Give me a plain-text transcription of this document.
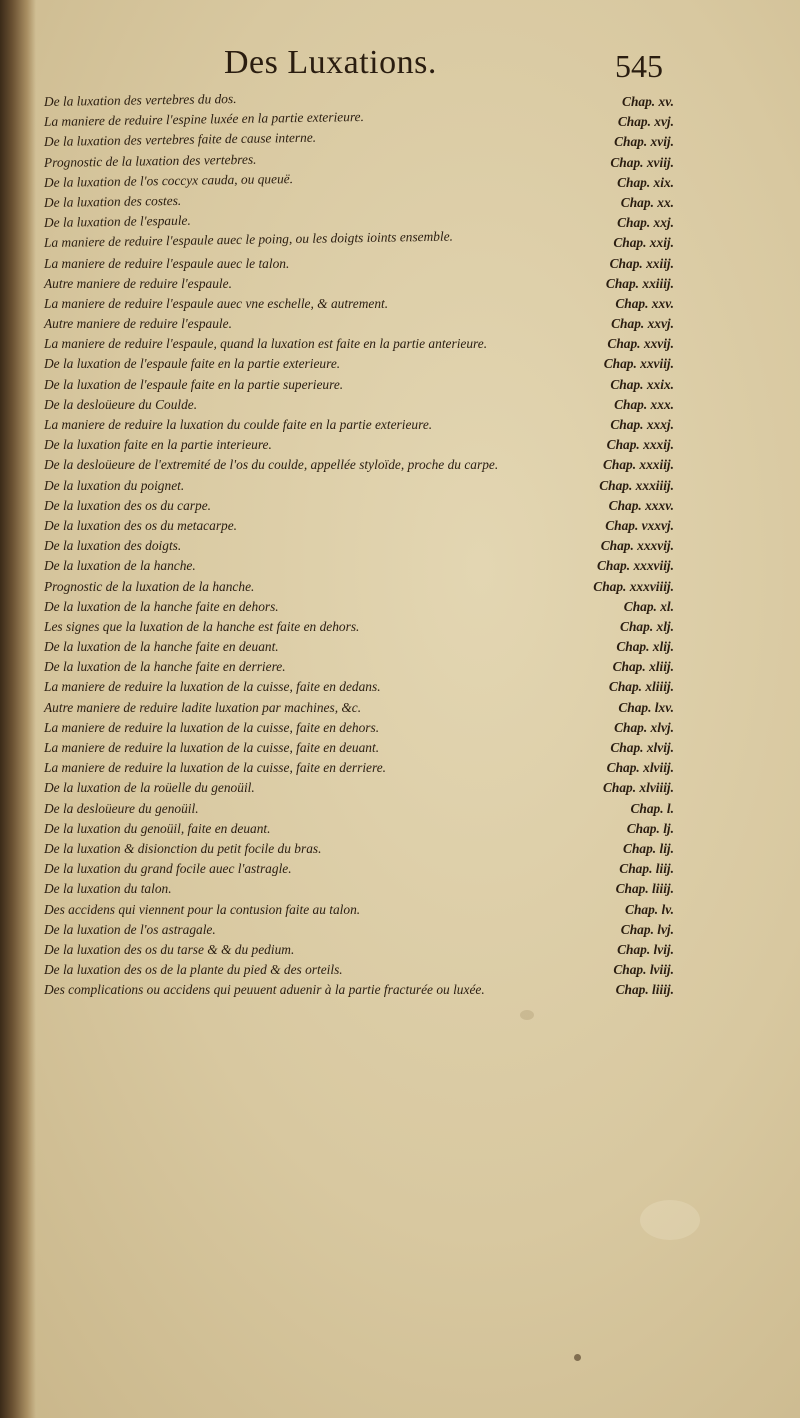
Des Luxations.	545
De la luxation des vertebres du dos.	Chap. xv.
La maniere de reduire l'espine luxée en la partie exterieure.	Chap. xvj.
De la luxation des vertebres faite de cause interne.	Chap. xvij.
Prognostic de la luxation des vertebres.	Chap. xviij.
De la luxation de l'os coccyx cauda, ou queuë.	Chap. xix.
De la luxation des costes.	Chap. xx.
De la luxation de l'espaule.	Chap. xxj.
La maniere de reduire l'espaule auec le poing, ou les doigts ioints ensemble.	Chap. xxij.
La maniere de reduire l'espaule auec le talon.	Chap. xxiij.
Autre maniere de reduire l'espaule.	Chap. xxiiij.
La maniere de reduire l'espaule auec vne eschelle, & autrement.	Chap. xxv.
Autre maniere de reduire l'espaule.	Chap. xxvj.
La maniere de reduire l'espaule, quand la luxation est faite en la partie anterieure.	Chap. xxvij.
De la luxation de l'espaule faite en la partie exterieure.	Chap. xxviij.
De la luxation de l'espaule faite en la partie superieure.	Chap. xxix.
De la desloüeure du Coulde.	Chap. xxx.
La maniere de reduire la luxation du coulde faite en la partie exterieure.	Chap. xxxj.
De la luxation faite en la partie interieure.	Chap. xxxij.
De la desloüeure de l'extremité de l'os du coulde, appellée styloïde, proche du carpe.	Chap. xxxiij.
De la luxation du poignet.	Chap. xxxiiij.
De la luxation des os du carpe.	Chap. xxxv.
De la luxation des os du metacarpe.	Chap. vxxvj.
De la luxation des doigts.	Chap. xxxvij.
De la luxation de la hanche.	Chap. xxxviij.
Prognostic de la luxation de la hanche.	Chap. xxxviiij.
De la luxation de la hanche faite en dehors.	Chap. xl.
Les signes que la luxation de la hanche est faite en dehors.	Chap. xlj.
De la luxation de la hanche faite en deuant.	Chap. xlij.
De la luxation de la hanche faite en derriere.	Chap. xliij.
La maniere de reduire la luxation de la cuisse, faite en dedans.	Chap. xliiij.
Autre maniere de reduire ladite luxation par machines, &c.	Chap. lxv.
La maniere de reduire la luxation de la cuisse, faite en dehors.	Chap. xlvj.
La maniere de reduire la luxation de la cuisse, faite en deuant.	Chap. xlvij.
La maniere de reduire la luxation de la cuisse, faite en derriere.	Chap. xlviij.
De la luxation de la roüelle du genoüil.	Chap. xlviiij.
De la desloüeure du genoüil.	Chap. l.
De la luxation du genoüil, faite en deuant.	Chap. lj.
De la luxation & disionction du petit focile du bras.	Chap. lij.
De la luxation du grand focile auec l'astragle.	Chap. liij.
De la luxation du talon.	Chap. liiij.
Des accidens qui viennent pour la contusion faite au talon.	Chap. lv.
De la luxation de l'os astragale.	Chap. lvj.
De la luxation des os du tarse & & du pedium.	Chap. lvij.
De la luxation des os de la plante du pied & des orteils.	Chap. lviij.
Des complications ou accidens qui peuuent aduenir à la partie fracturée ou luxée.	Chap. liiij.
